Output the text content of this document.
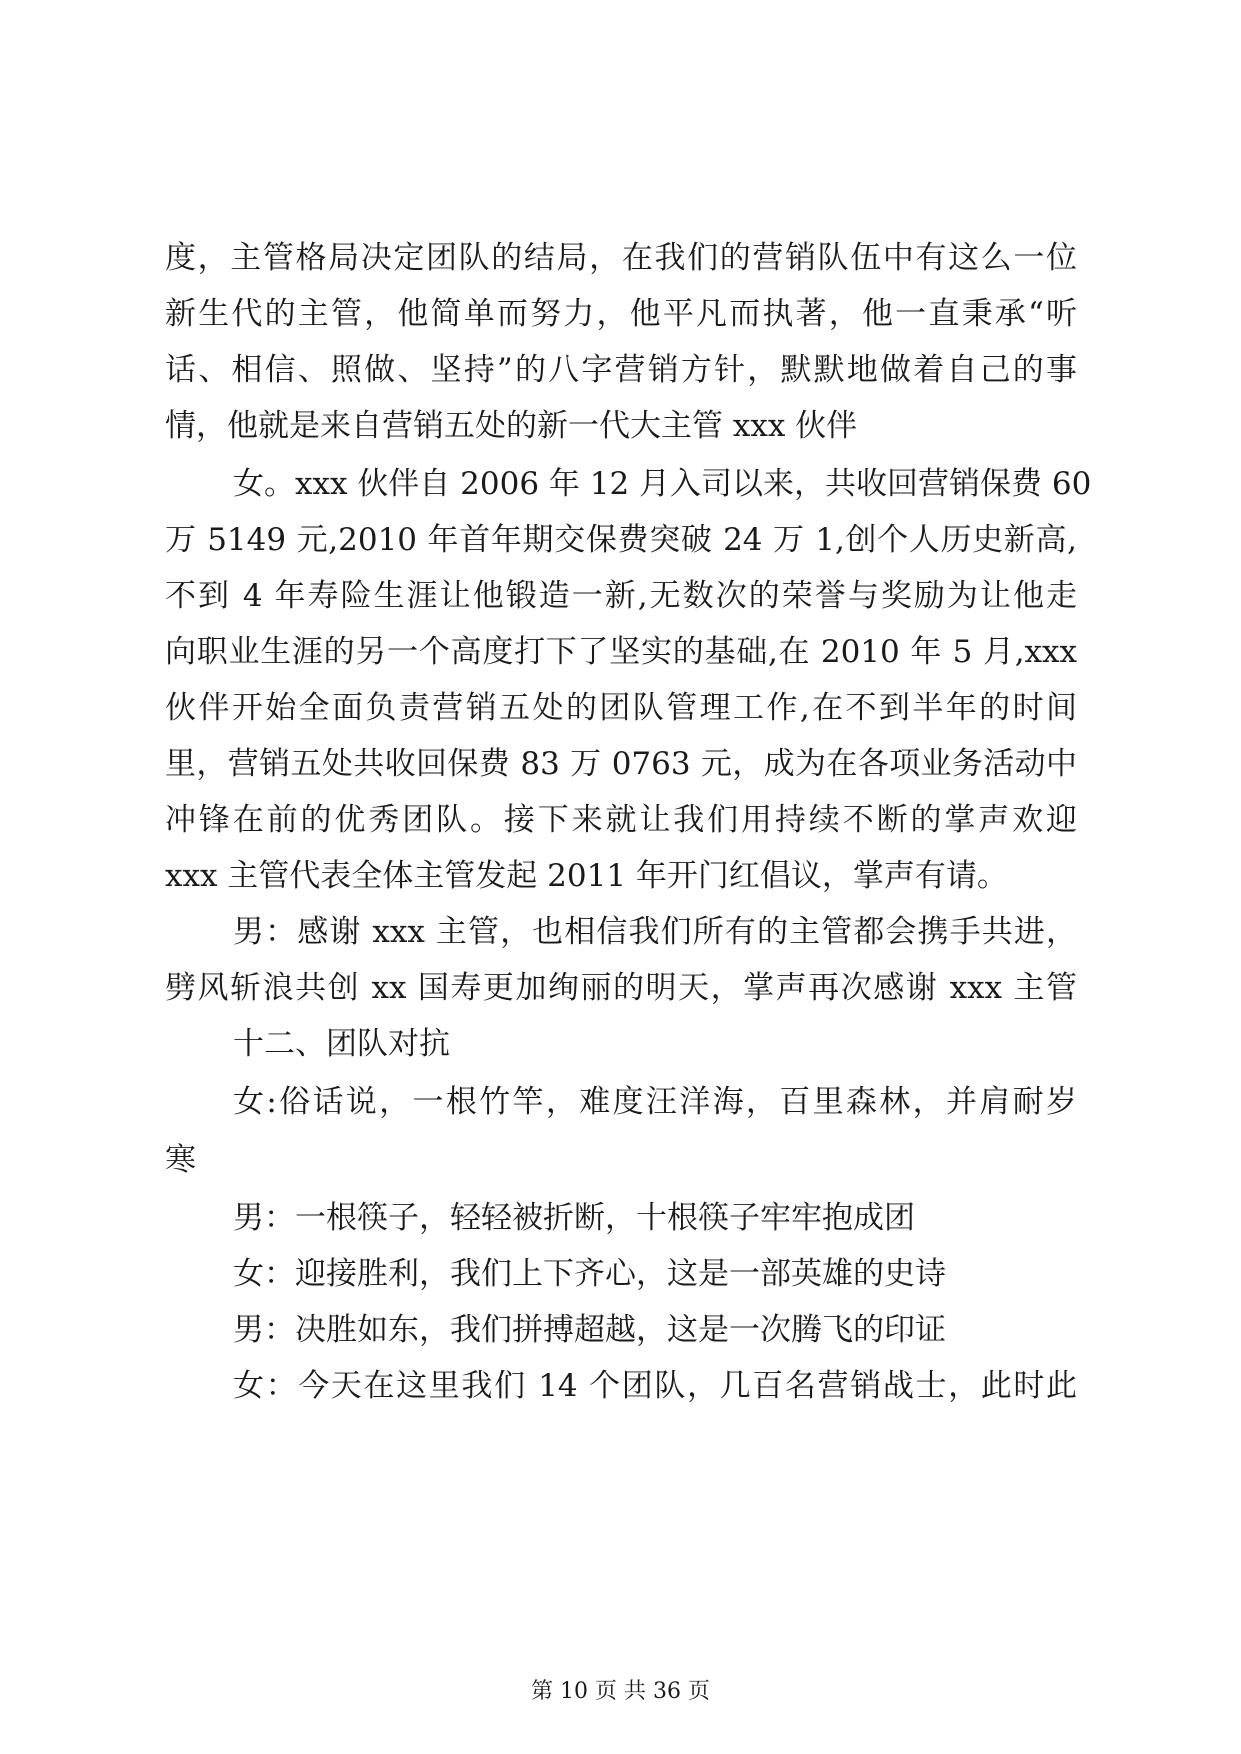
度，主管格局决定团队的结局，在我们的营销队伍中有这么一位
新生代的主管，他简单而努力，他平凡而执著，他一直秉承“听
话、相信、照做、坚持”的八字营销方针，默默地做着自己的事
情，他就是来自营销五处的新一代大主管 xxx 伙伴
女。xxx 伙伴自 2006 年 12 月入司以来，共收回营销保费 60
万 5149 元,2010 年首年期交保费突破 24 万 1,创个人历史新高,
不到 4 年寿险生涯让他锻造一新,无数次的荣誉与奖励为让他走
向职业生涯的另一个高度打下了坚实的基础,在 2010 年 5 月,xxx
伙伴开始全面负责营销五处的团队管理工作,在不到半年的时间
里，营销五处共收回保费 83 万 0763 元，成为在各项业务活动中
冲锋在前的优秀团队。接下来就让我们用持续不断的掌声欢迎
xxx 主管代表全体主管发起 2011 年开门红倡议，掌声有请。
男：感谢 xxx 主管，也相信我们所有的主管都会携手共进，
劈风斩浪共创 xx 国寿更加绚丽的明天，掌声再次感谢 xxx 主管
十二、团队对抗
女:俗话说，一根竹竿，难度汪洋海，百里森林，并肩耐岁
寒
男：一根筷子，轻轻被折断，十根筷子牢牢抱成团
女：迎接胜利，我们上下齐心，这是一部英雄的史诗
男：决胜如东，我们拼搏超越，这是一次腾飞的印证
女：今天在这里我们 14 个团队，几百名营销战士，此时此
第 10 页 共 36 页
